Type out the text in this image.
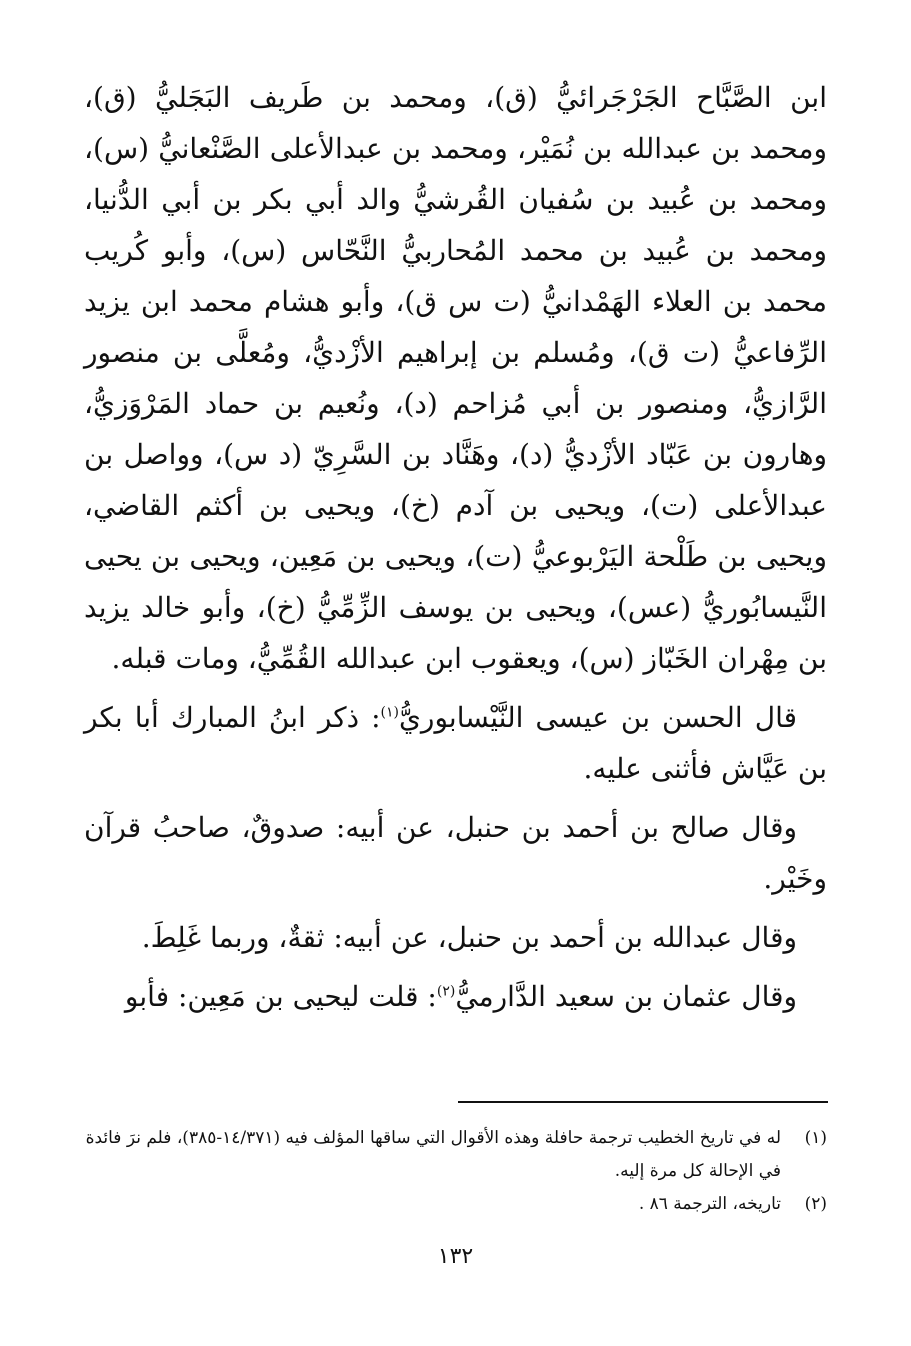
ابن الصَّبَّاح الجَرْجَرائيُّ (ق)، ومحمد بن طَريف البَجَليُّ (ق)، ومحمد بن عبدالله بن نُمَيْر، ومحمد بن عبدالأعلى الصَّنْعانيُّ (س)، ومحمد بن عُبيد بن سُفيان القُرشيُّ والد أبي بكر بن أبي الدُّنيا، ومحمد بن عُبيد بن محمد المُحاربيُّ النَّحّاس (س)، وأبو كُريب محمد بن العلاء الهَمْدانيُّ (ت س ق)، وأبو هشام محمد ابن يزيد الرِّفاعيُّ (ت ق)، ومُسلم بن إبراهيم الأزْديُّ، ومُعلَّى بن منصور الرَّازيُّ، ومنصور بن أبي مُزاحم (د)، ونُعيم بن حماد المَرْوَزيُّ، وهارون بن عَبّاد الأزْديُّ (د)، وهَنَّاد بن السَّرِيّ (د س)، وواصل بن عبدالأعلى (ت)، ويحيى بن آدم (خ)، ويحيى بن أكثم القاضي، ويحيى بن طَلْحة اليَرْبوعيُّ (ت)، ويحيى بن مَعِين، ويحيى بن يحيى النَّيسابُوريُّ (عس)، ويحيى بن يوسف الزِّمِّيُّ (خ)، وأبو خالد يزيد بن مِهْران الخَبّاز (س)، ويعقوب ابن عبدالله القُمِّيُّ، ومات قبله.

قال الحسن بن عيسى النَّيْسابوريُّ$^{(١)}$: ذكر ابنُ المبارك أبا بكر بن عَيَّاش فأثنى عليه.

وقال صالح بن أحمد بن حنبل، عن أبيه: صدوقٌ، صاحبُ قرآن وخَيْر.

وقال عبدالله بن أحمد بن حنبل، عن أبيه: ثقةٌ، وربما غَلِطَ.

وقال عثمان بن سعيد الدَّارميُّ$^{(٢)}$: قلت ليحيى بن مَعِين: فأبو

(١)
له في تاريخ الخطيب ترجمة حافلة وهذه الأقوال التي ساقها المؤلف فيه (١٤/٣٧١-٣٨٥)، فلم نرَ فائدة في الإحالة كل مرة إليه.
(٢)
تاريخه، الترجمة ٨٦ .
١٣٢
